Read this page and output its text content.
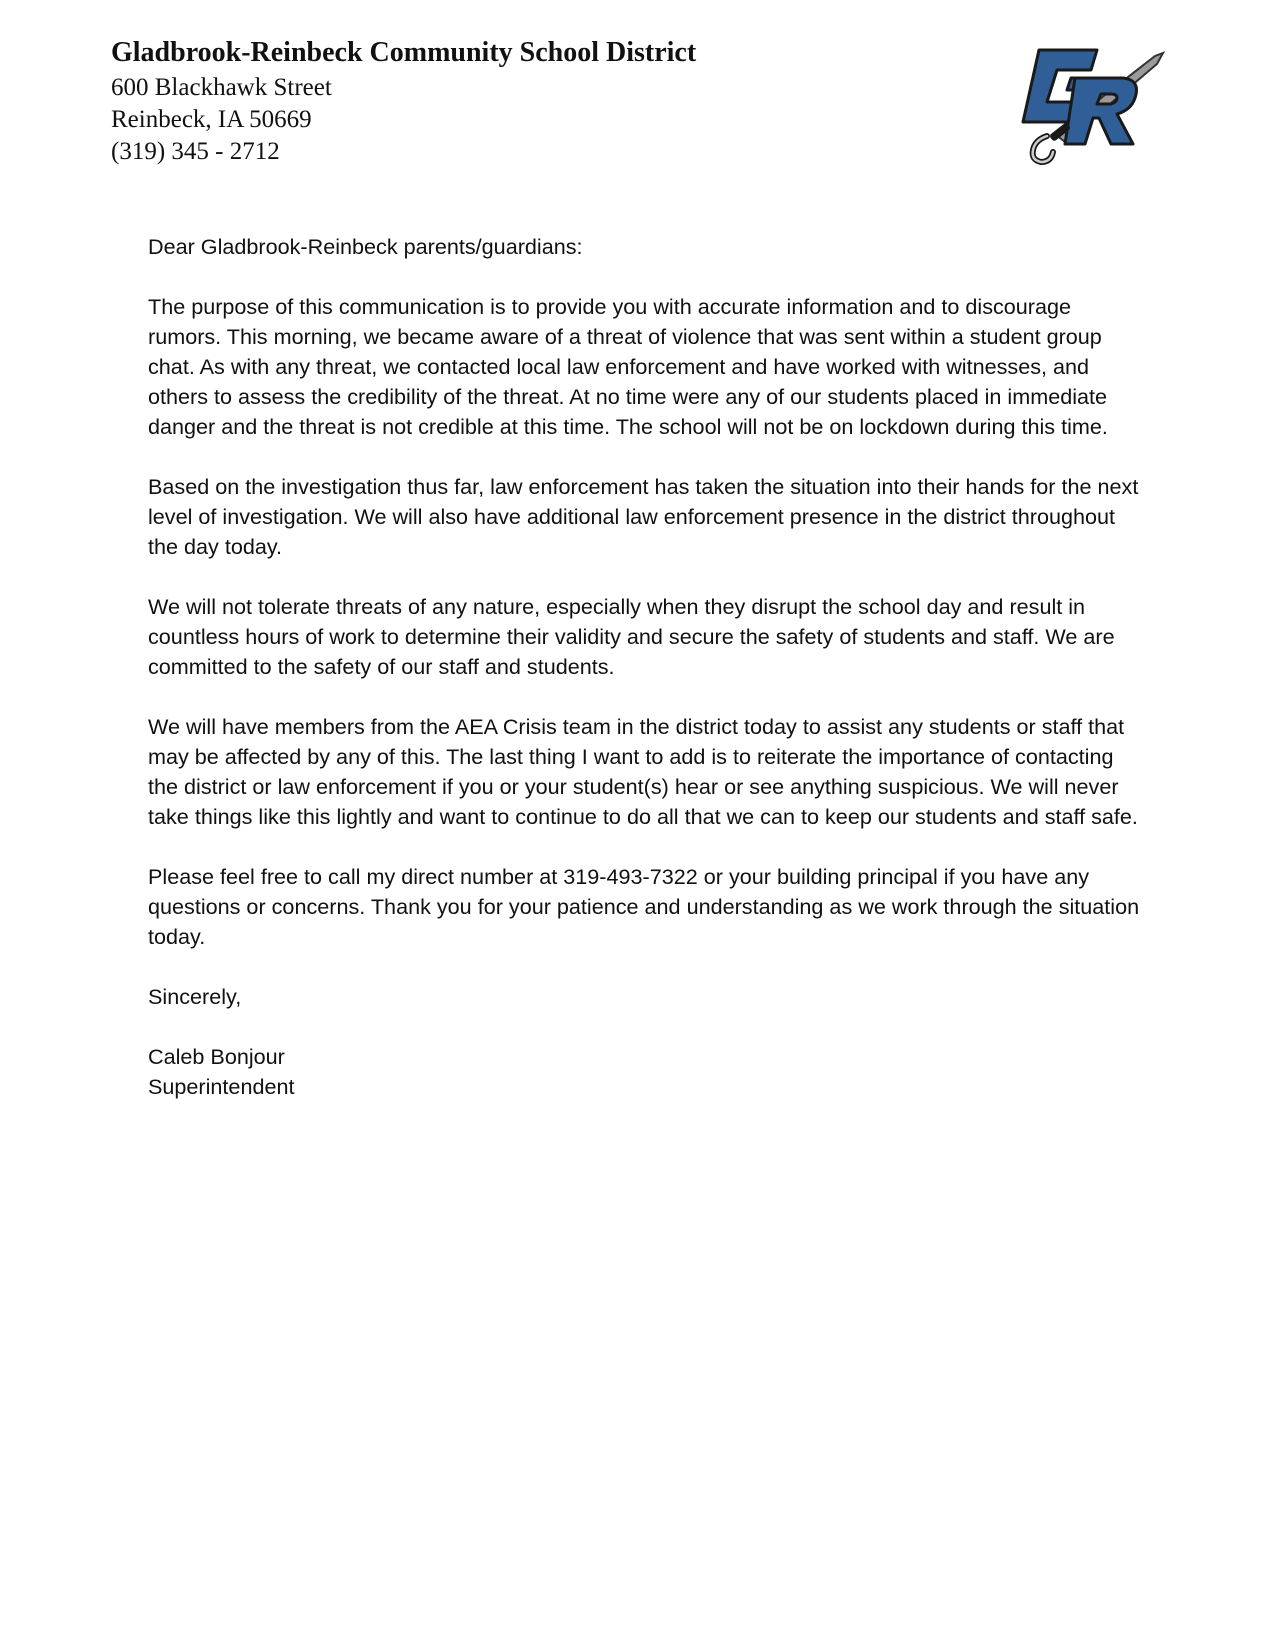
Gladbrook-Reinbeck Community School District
600 Blackhawk Street
Reinbeck, IA 50669
(319) 345 - 2712

Dear Gladbrook-Reinbeck parents/guardians:

The purpose of this communication is to provide you with accurate information and to discourage rumors. This morning, we became aware of a threat of violence that was sent within a student group chat. As with any threat, we contacted local law enforcement and have worked with witnesses, and others to assess the credibility of the threat. At no time were any of our students placed in immediate danger and the threat is not credible at this time. The school will not be on lockdown during this time.

Based on the investigation thus far, law enforcement has taken the situation into their hands for the next level of investigation. We will also have additional law enforcement presence in the district throughout the day today.

We will not tolerate threats of any nature, especially when they disrupt the school day and result in countless hours of work to determine their validity and secure the safety of students and staff. We are committed to the safety of our staff and students.

We will have members from the AEA Crisis team in the district today to assist any students or staff that may be affected by any of this. The last thing I want to add is to reiterate the importance of contacting the district or law enforcement if you or your student(s) hear or see anything suspicious. We will never take things like this lightly and want to continue to do all that we can to keep our students and staff safe.

Please feel free to call my direct number at 319-493-7322 or your building principal if you have any questions or concerns. Thank you for your patience and understanding as we work through the situation today.

Sincerely,

Caleb Bonjour

Superintendent
